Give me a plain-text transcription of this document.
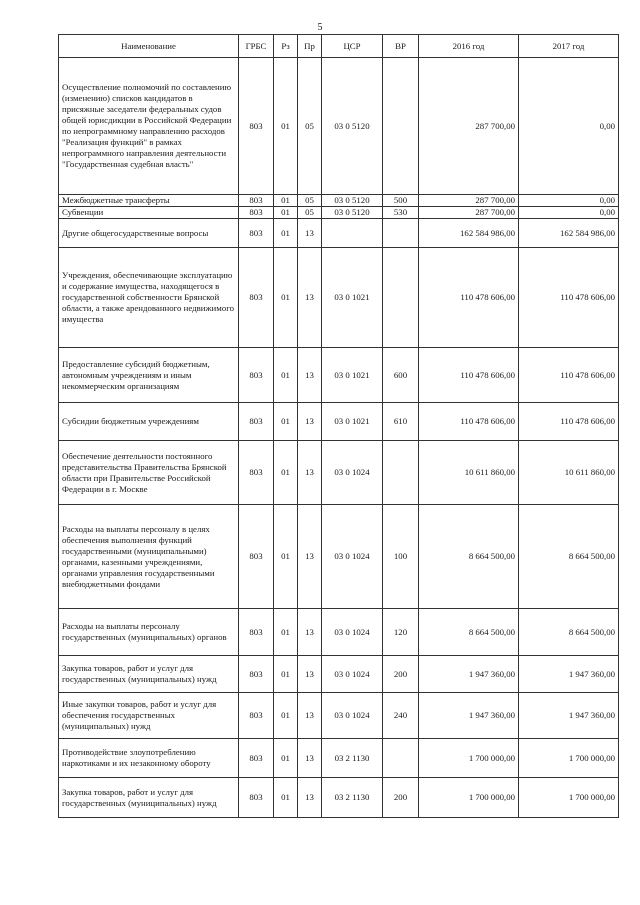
5
Наименование	ГРБС	Рз	Пр	ЦСР	ВР	2016 год	2017 год
Осуществление полномочий по составлению (изменению) списков кандидатов в присяжные заседатели федеральных судов общей юрисдикции в Российской Федерации по непрограммному направлению расходов "Реализация функций" в рамках непрограммного направления деятельности "Государственная судебная власть"	803	01	05	03 0 5120		287 700,00	0,00
Межбюджетные трансферты	803	01	05	03 0 5120	500	287 700,00	0,00
Субвенции	803	01	05	03 0 5120	530	287 700,00	0,00
Другие общегосударственные вопросы	803	01	13			162 584 986,00	162 584 986,00
Учреждения, обеспечивающие эксплуатацию и содержание имущества, находящегося в государственной собственности Брянской области, а также арендованного недвижимого имущества	803	01	13	03 0 1021		110 478 606,00	110 478 606,00
Предоставление субсидий бюджетным, автономным учреждениям и иным некоммерческим организациям	803	01	13	03 0 1021	600	110 478 606,00	110 478 606,00
Субсидии бюджетным учреждениям	803	01	13	03 0 1021	610	110 478 606,00	110 478 606,00
Обеспечение деятельности постоянного представительства Правительства Брянской области при Правительстве Российской Федерации в г. Москве	803	01	13	03 0 1024		10 611 860,00	10 611 860,00
Расходы на выплаты персоналу в целях обеспечения выполнения функций государственными (муниципальными) органами, казенными учреждениями, органами управления государственными внебюджетными фондами	803	01	13	03 0 1024	100	8 664 500,00	8 664 500,00
Расходы на выплаты персоналу государственных (муниципальных) органов	803	01	13	03 0 1024	120	8 664 500,00	8 664 500,00
Закупка товаров, работ и услуг для государственных (муниципальных) нужд	803	01	13	03 0 1024	200	1 947 360,00	1 947 360,00
Иные закупки товаров, работ и услуг для обеспечения государственных (муниципальных) нужд	803	01	13	03 0 1024	240	1 947 360,00	1 947 360,00
Противодействие злоупотреблению наркотиками и их незаконному обороту	803	01	13	03 2 1130		1 700 000,00	1 700 000,00
Закупка товаров, работ и услуг для государственных (муниципальных) нужд	803	01	13	03 2 1130	200	1 700 000,00	1 700 000,00
